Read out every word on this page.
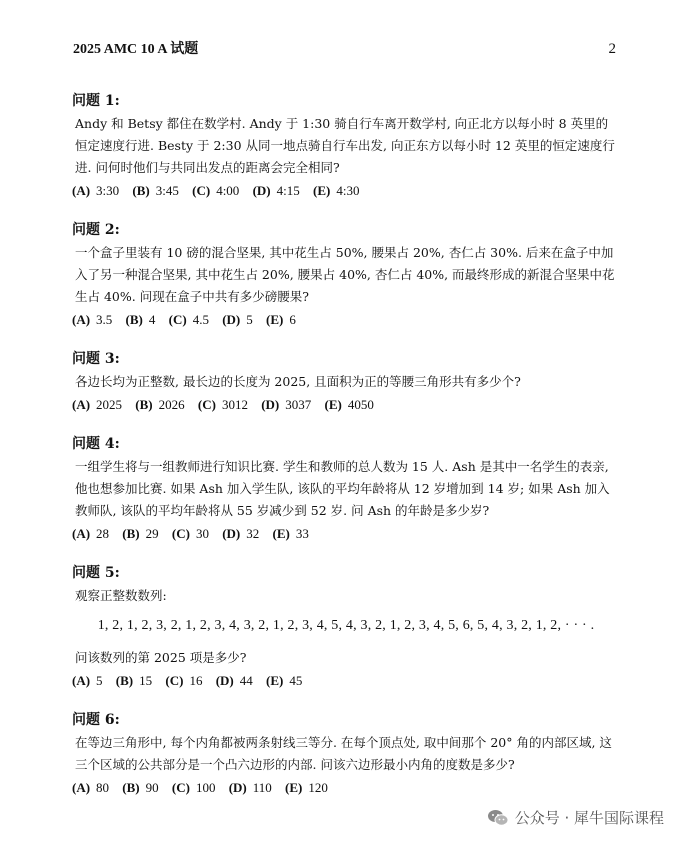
2025 AMC 10 A 试题	2
问题 1:
Andy 和 Betsy 都住在数学村. Andy 于 1:30 骑自行车离开数学村, 向正北方以每小时 8 英里的恒定速度行进. Besty 于 2:30 从同一地点骑自行车出发, 向正东方以每小时 12 英里的恒定速度行进. 问何时他们与共同出发点的距离会完全相同?
(A) 3:30 (B) 3:45 (C) 4:00 (D) 4:15 (E) 4:30
问题 2:
一个盒子里装有 10 磅的混合坚果, 其中花生占 50%, 腰果占 20%, 杏仁占 30%. 后来在盒子中加入了另一种混合坚果, 其中花生占 20%, 腰果占 40%, 杏仁占 40%, 而最终形成的新混合坚果中花生占 40%. 问现在盒子中共有多少磅腰果?
(A) 3.5 (B) 4 (C) 4.5 (D) 5 (E) 6
问题 3:
各边长均为正整数, 最长边的长度为 2025, 且面积为正的等腰三角形共有多少个?
(A) 2025 (B) 2026 (C) 3012 (D) 3037 (E) 4050
问题 4:
一组学生将与一组教师进行知识比赛. 学生和教师的总人数为 15 人. Ash 是其中一名学生的表亲, 他也想参加比赛. 如果 Ash 加入学生队, 该队的平均年龄将从 12 岁增加到 14 岁; 如果 Ash 加入教师队, 该队的平均年龄将从 55 岁减少到 52 岁. 问 Ash 的年龄是多少岁?
(A) 28 (B) 29 (C) 30 (D) 32 (E) 33
问题 5:
观察正整数数列:
1, 2, 1, 2, 3, 2, 1, 2, 3, 4, 3, 2, 1, 2, 3, 4, 5, 4, 3, 2, 1, 2, 3, 4, 5, 6, 5, 4, 3, 2, 1, 2, · · · .
问该数列的第 2025 项是多少?
(A) 5 (B) 15 (C) 16 (D) 44 (E) 45
问题 6:
在等边三角形中, 每个内角都被两条射线三等分. 在每个顶点处, 取中间那个 20° 角的内部区域, 这三个区域的公共部分是一个凸六边形的内部. 问该六边形最小内角的度数是多少?
(A) 80 (B) 90 (C) 100 (D) 110 (E) 120
公众号 · 犀牛国际课程
